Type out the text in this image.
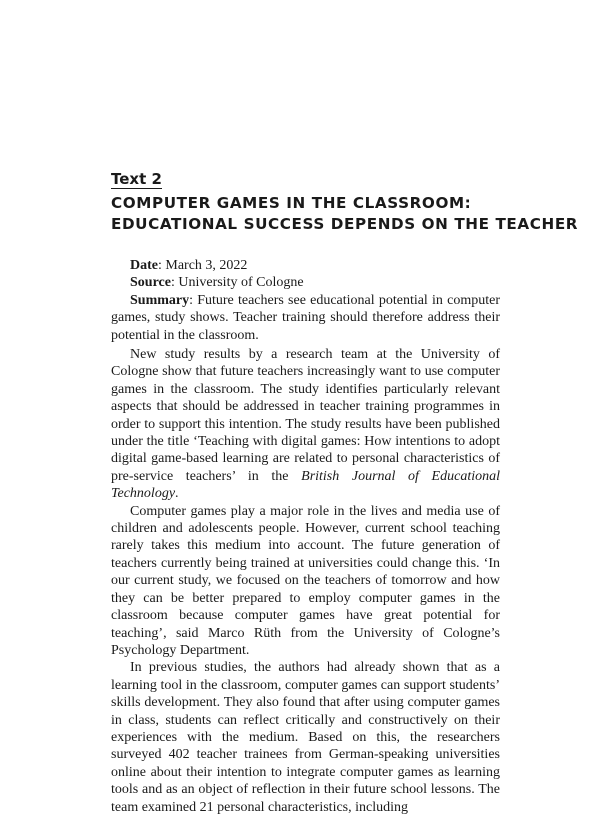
Text 2
COMPUTER GAMES IN THE CLASSROOM:
EDUCATIONAL SUCCESS DEPENDS ON THE TEACHER

Date: March 3, 2022

Source: University of Cologne

Summary: Future teachers see educational potential in computer games, study shows. Teacher training should therefore address their potential in the classroom.

New study results by a research team at the University of Cologne show that future teachers increasingly want to use computer games in the classroom. The study identifies particularly relevant aspects that should be addressed in teacher training programmes in order to support this intention. The study results have been published under the title ‘Teaching with digital games: How intentions to adopt digital game-based learning are related to personal characteristics of pre-service teachers’ in the British Journal of Educational Technology.

Computer games play a major role in the lives and media use of children and adolescents people. However, current school teaching rarely takes this medium into account. The future generation of teachers currently being trained at universities could change this. ‘In our current study, we focused on the teachers of tomorrow and how they can be better prepared to employ computer games in the classroom because computer games have great potential for teaching’, said Marco Rüth from the University of Cologne’s Psychology Department.

In previous studies, the authors had already shown that as a learning tool in the classroom, computer games can support students’ skills development. They also found that after using computer games in class, students can reflect critically and constructively on their experiences with the medium. Based on this, the researchers surveyed 402 teacher trainees from German-speaking universities online about their intention to integrate computer games as learning tools and as an object of reflection in their future school lessons. The team examined 21 personal characteristics, including
